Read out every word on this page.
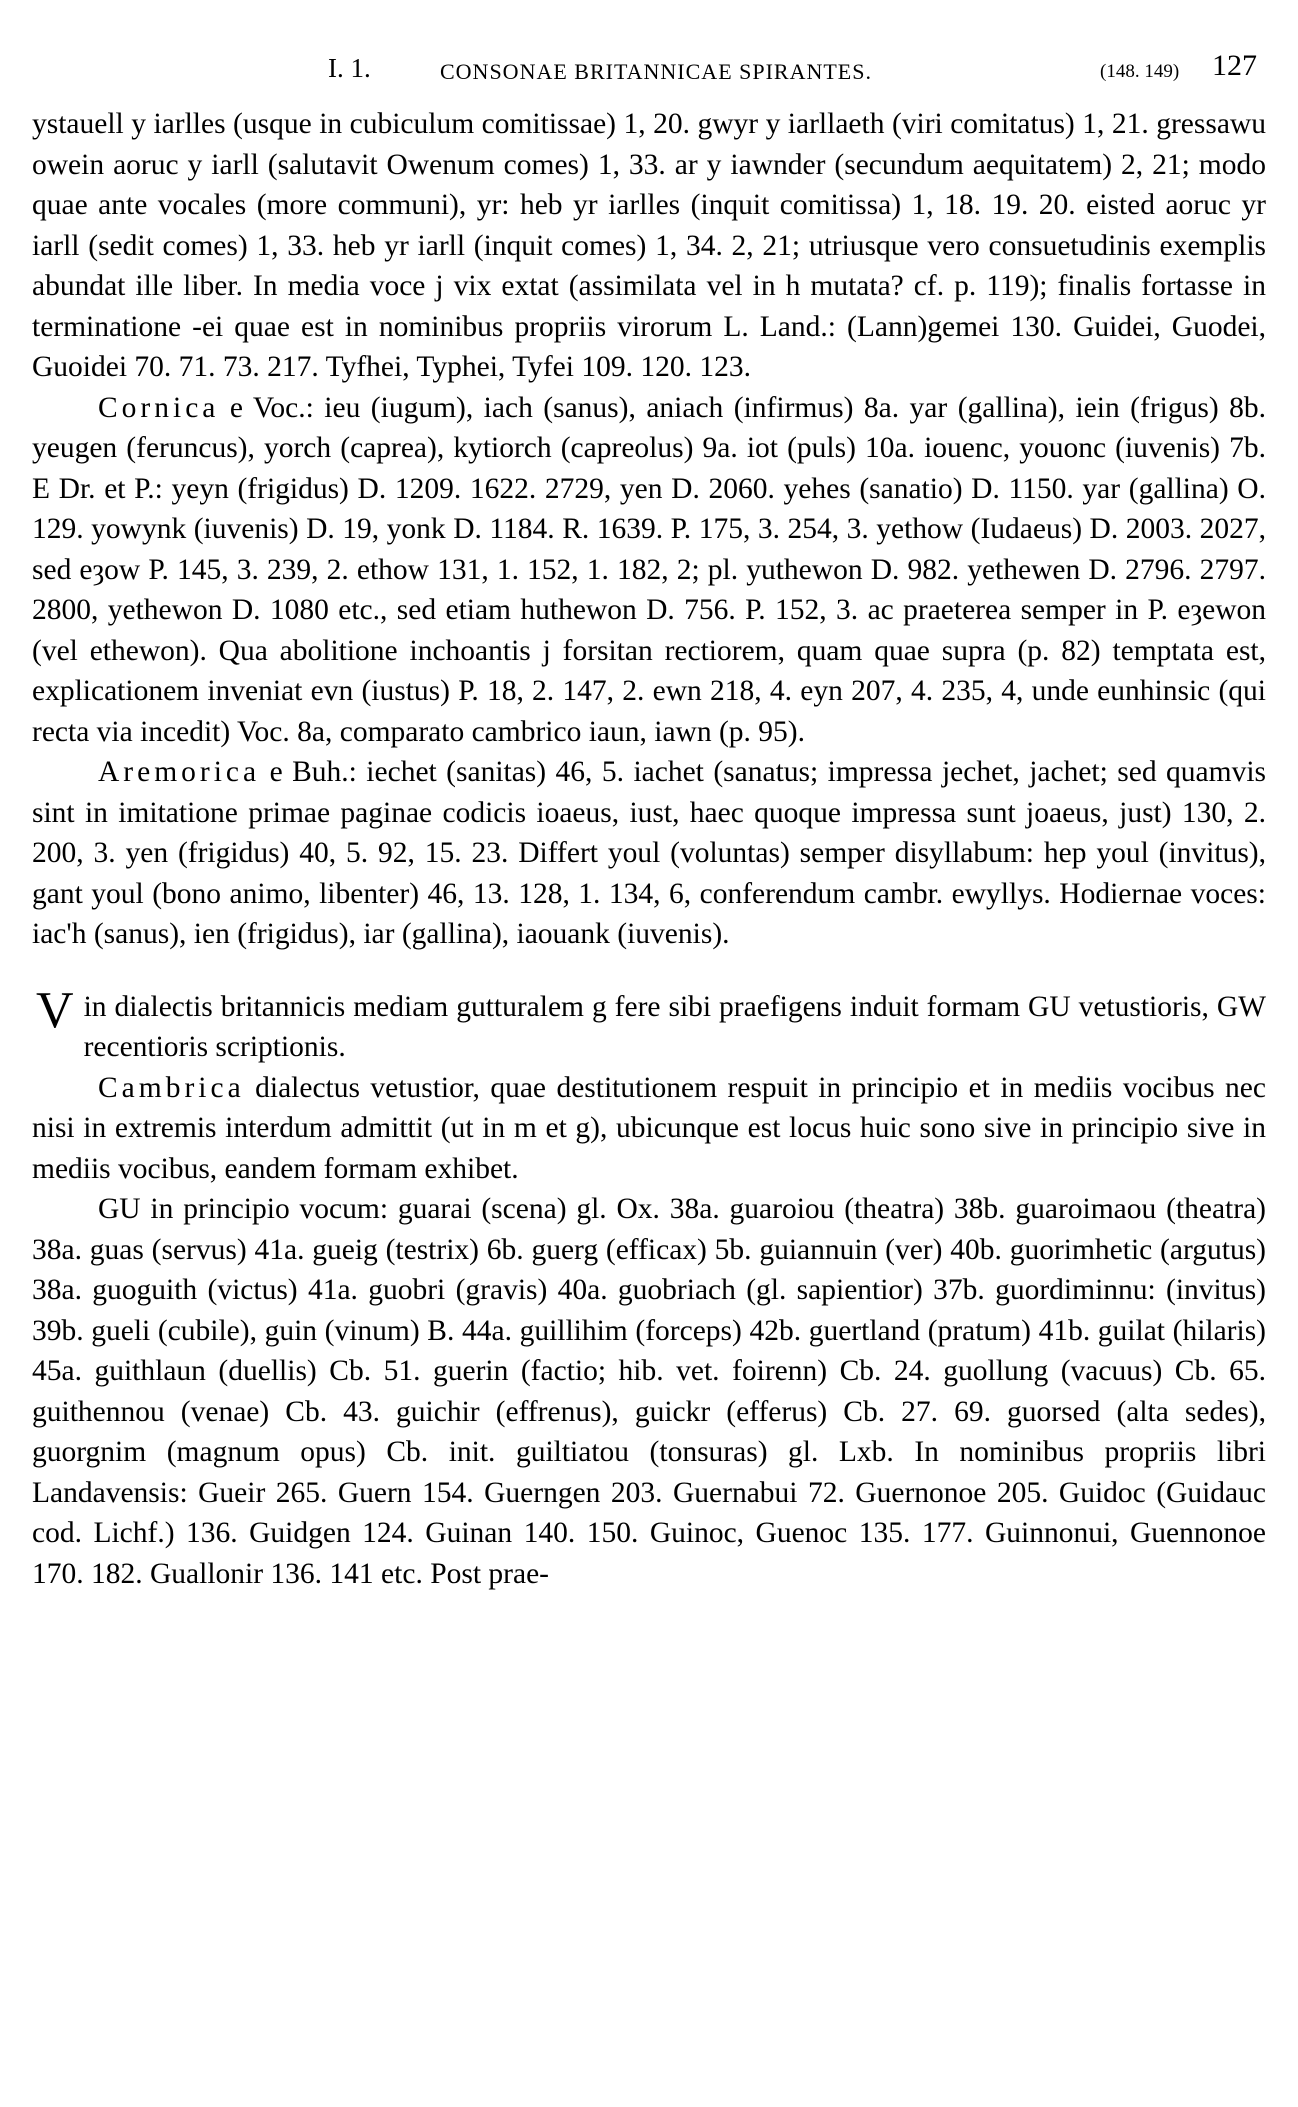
I. 1.	CONSONAE BRITANNICAE SPIRANTES.	(148. 149) 127

ystauell y iarlles (usque in cubiculum comitissae) 1, 20. gwyr y iarllaeth (viri comitatus) 1, 21. gressawu owein aoruc y iarll (salutavit Owenum comes) 1, 33. ar y iawnder (secundum aequitatem) 2, 21; modo quae ante vocales (more communi), yr: heb yr iarlles (inquit comitissa) 1, 18. 19. 20. eisted aoruc yr iarll (sedit comes) 1, 33. heb yr iarll (inquit comes) 1, 34. 2, 21; utriusque vero consuetudinis exemplis abundat ille liber. In media voce j vix extat (assimilata vel in h mutata? cf. p. 119); finalis fortasse in terminatione -ei quae est in nominibus propriis virorum L. Land.: (Lann)gemei 130. Guidei, Guodei, Guoidei 70. 71. 73. 217. Tyfhei, Typhei, Tyfei 109. 120. 123.

Cornica e Voc.: ieu (iugum), iach (sanus), aniach (infirmus) 8a. yar (gallina), iein (frigus) 8b. yeugen (feruncus), yorch (caprea), kytiorch (capreolus) 9a. iot (puls) 10a. iouenc, youonc (iuvenis) 7b. E Dr. et P.: yeyn (frigidus) D. 1209. 1622. 2729, yen D. 2060. yehes (sanatio) D. 1150. yar (gallina) O. 129. yowynk (iuvenis) D. 19, yonk D. 1184. R. 1639. P. 175, 3. 254, 3. yethow (Iudaeus) D. 2003. 2027, sed eȝow P. 145, 3. 239, 2. ethow 131, 1. 152, 1. 182, 2; pl. yuthewon D. 982. yethewen D. 2796. 2797. 2800, yethewon D. 1080 etc., sed etiam huthewon D. 756. P. 152, 3. ac praeterea semper in P. eȝewon (vel ethewon). Qua abolitione inchoantis j forsitan rectiorem, quam quae supra (p. 82) temptata est, explicationem inveniat evn (iustus) P. 18, 2. 147, 2. ewn 218, 4. eyn 207, 4. 235, 4, unde eunhinsic (qui recta via incedit) Voc. 8a, comparato cambrico iaun, iawn (p. 95).

Aremorica e Buh.: iechet (sanitas) 46, 5. iachet (sanatus; impressa jechet, jachet; sed quamvis sint in imitatione primae paginae codicis ioaeus, iust, haec quoque impressa sunt joaeus, just) 130, 2. 200, 3. yen (frigidus) 40, 5. 92, 15. 23. Differt youl (voluntas) semper disyllabum: hep youl (invitus), gant youl (bono animo, libenter) 46, 13. 128, 1. 134, 6, conferendum cambr. ewyllys. Hodiernae voces: iac'h (sanus), ien (frigidus), iar (gallina), iaouank (iuvenis).

V in dialectis britannicis mediam gutturalem g fere sibi praefigens induit formam GU vetustioris, GW recentioris scriptionis.

Cambrica dialectus vetustior, quae destitutionem respuit in principio et in mediis vocibus nec nisi in extremis interdum admittit (ut in m et g), ubicunque est locus huic sono sive in principio sive in mediis vocibus, eandem formam exhibet.

GU in principio vocum: guarai (scena) gl. Ox. 38a. guaroiou (theatra) 38b. guaroimaou (theatra) 38a. guas (servus) 41a. gueig (testrix) 6b. guerg (efficax) 5b. guiannuin (ver) 40b. guorimhetic (argutus) 38a. guoguith (victus) 41a. guobri (gravis) 40a. guobriach (gl. sapientior) 37b. guordiminnu: (invitus) 39b. gueli (cubile), guin (vinum) B. 44a. guillihim (forceps) 42b. guertland (pratum) 41b. guilat (hilaris) 45a. guithlaun (duellis) Cb. 51. guerin (factio; hib. vet. foirenn) Cb. 24. guollung (vacuus) Cb. 65. guithennou (venae) Cb. 43. guichir (effrenus), guickr (efferus) Cb. 27. 69. guorsed (alta sedes), guorgnim (magnum opus) Cb. init. guiltiatou (tonsuras) gl. Lxb. In nominibus propriis libri Landavensis: Gueir 265. Guern 154. Guerngen 203. Guernabui 72. Guernonoe 205. Guidoc (Guidauc cod. Lichf.) 136. Guidgen 124. Guinan 140. 150. Guinoc, Guenoc 135. 177. Guinnonui, Guennonoe 170. 182. Guallonir 136. 141 etc. Post prae-
